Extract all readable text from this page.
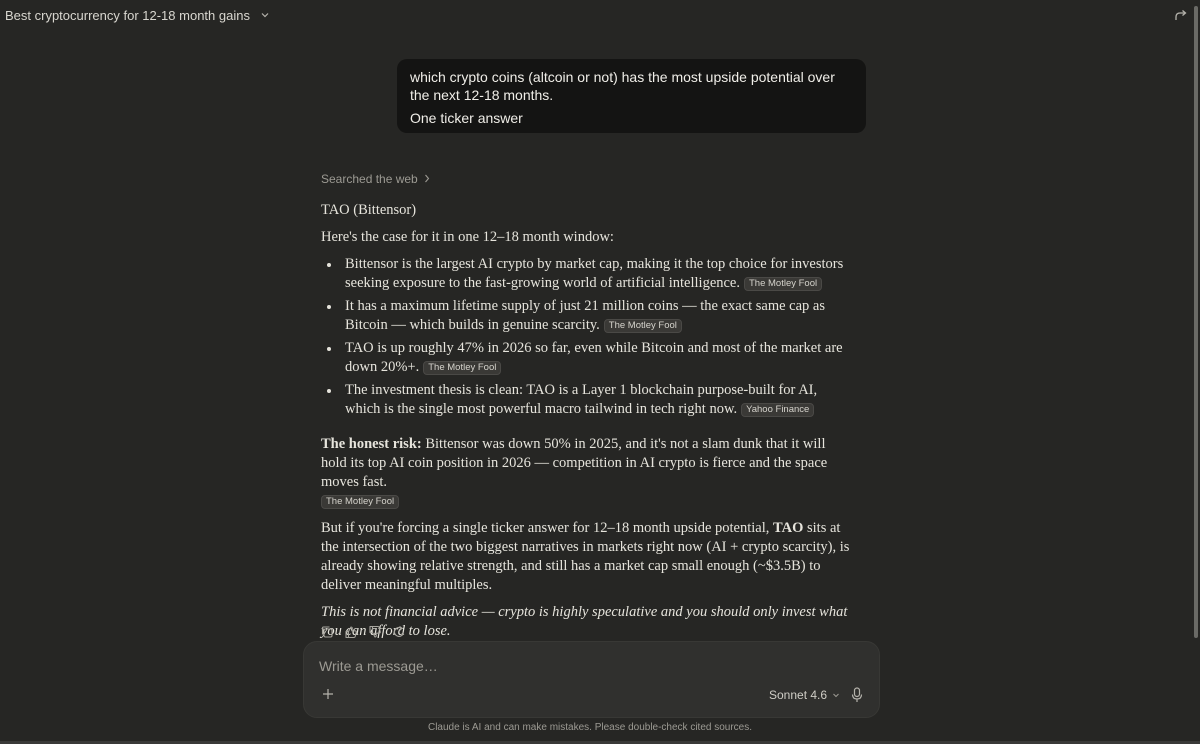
Best cryptocurrency for 12-18 month gains

which crypto coins (altcoin or not) has the most upside potential over the next 12-18 months.

One ticker answer

Searched the web

TAO (Bittensor)

Here's the case for it in one 12–18 month window:

Bittensor is the largest AI crypto by market cap, making it the top choice for investors seeking exposure to the fast-growing world of artificial intelligence. The Motley Fool
It has a maximum lifetime supply of just 21 million coins — the exact same cap as Bitcoin — which builds in genuine scarcity. The Motley Fool
TAO is up roughly 47% in 2026 so far, even while Bitcoin and most of the market are down 20%+. The Motley Fool
The investment thesis is clean: TAO is a Layer 1 blockchain purpose-built for AI, which is the single most powerful macro tailwind in tech right now. Yahoo Finance

The honest risk: Bittensor was down 50% in 2025, and it's not a slam dunk that it will hold its top AI coin position in 2026 — competition in AI crypto is fierce and the space moves fast.
The Motley Fool

But if you're forcing a single ticker answer for 12–18 month upside potential, TAO sits at the intersection of the two biggest narratives in markets right now (AI + crypto scarcity), is already showing relative strength, and still has a market cap small enough (~$3.5B) to deliver meaningful multiples.

This is not financial advice — crypto is highly speculative and you should only invest what you can afford to lose.

Write a message…
Sonnet 4.6
Claude is AI and can make mistakes. Please double-check cited sources.
